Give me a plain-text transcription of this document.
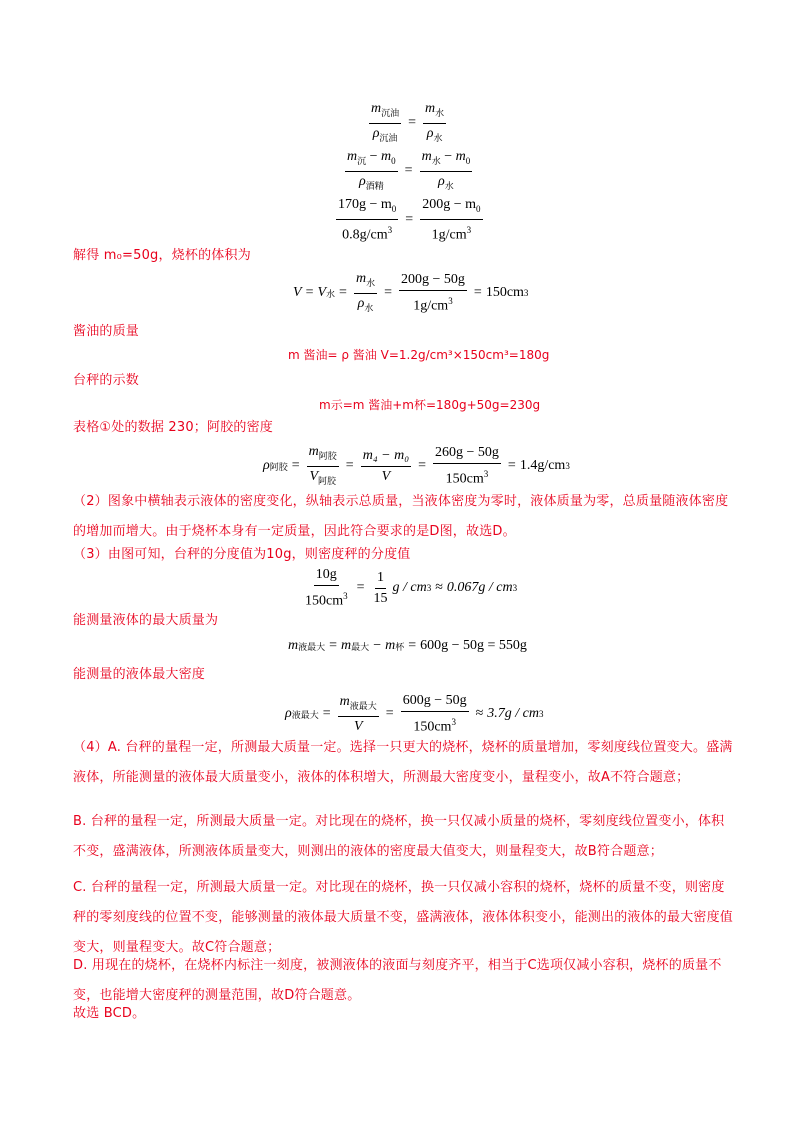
$\frac{m_{沉油}}{\rho_{沉油}} = \frac{m_水}{\rho_水}$
$\frac{m_沉 - m_0}{\rho_{酒精}} = \frac{m_水 - m_0}{\rho_水}$
$\frac{170g - m_0}{0.8g/cm^3} = \frac{200g - m_0}{1g/cm^3}$
解得 m₀=50g，烧杯的体积为
V = V 水 = $\frac{m_水}{\rho_水} = \frac{200g - 50g}{1g/cm^3} = 150cm$ 3
酱油的质量
m 酱油= ρ 酱油 V=1.2g/cm³×150cm³=180g
台秤的示数
m示=m 酱油+m杯=180g+50g=230g
表格①处的数据 230；阿胶的密度
ρ 阿胶 = $\frac{m_{阿胶}}{V_{阿胶}} = \frac{\text{m₄ − m₀}}{V} = \frac{260g - 50g}{150cm^3} = 1.4g/cm$ 3
（2）图象中横轴表示液体的密度变化，纵轴表示总质量，当液体密度为零时，液体质量为零，总质量随液体密度的增加而增大。由于烧杯本身有一定质量，因此符合要求的是D图，故选D。
（3）由图可知，台秤的分度值为10g，则密度秤的分度值
$\frac{10g}{150cm^3} = \frac{1}{15}$ g / cm 3 ≈ 0.067g / cm 3
能测量液体的最大质量为
m 液最大 = m 最大 − m 杯 = 600g − 50g = 550g
能测量的液体最大密度
ρ 液最大 = $\frac{m_{液最大}}{V} = \frac{600g - 50g}{150cm^3} \approx 3.7g$ / cm 3
（4）A. 台秤的量程一定，所测最大质量一定。选择一只更大的烧杯，烧杯的质量增加，零刻度线位置变大。盛满液体，所能测量的液体最大质量变小，液体的体积增大，所测最大密度变小，量程变小，故A不符合题意；
B. 台秤的量程一定，所测最大质量一定。对比现在的烧杯，换一只仅减小质量的烧杯，零刻度线位置变小，体积不变，盛满液体，所测液体质量变大，则测出的液体的密度最大值变大，则量程变大，故B符合题意；
C. 台秤的量程一定，所测最大质量一定。对比现在的烧杯，换一只仅减小容积的烧杯，烧杯的质量不变，则密度秤的零刻度线的位置不变，能够测量的液体最大质量不变，盛满液体，液体体积变小，能测出的液体的最大密度值变大，则量程变大。故C符合题意；
D. 用现在的烧杯，在烧杯内标注一刻度，被测液体的液面与刻度齐平，相当于C选项仅减小容积，烧杯的质量不变，也能增大密度秤的测量范围，故D符合题意。
故选 BCD。
